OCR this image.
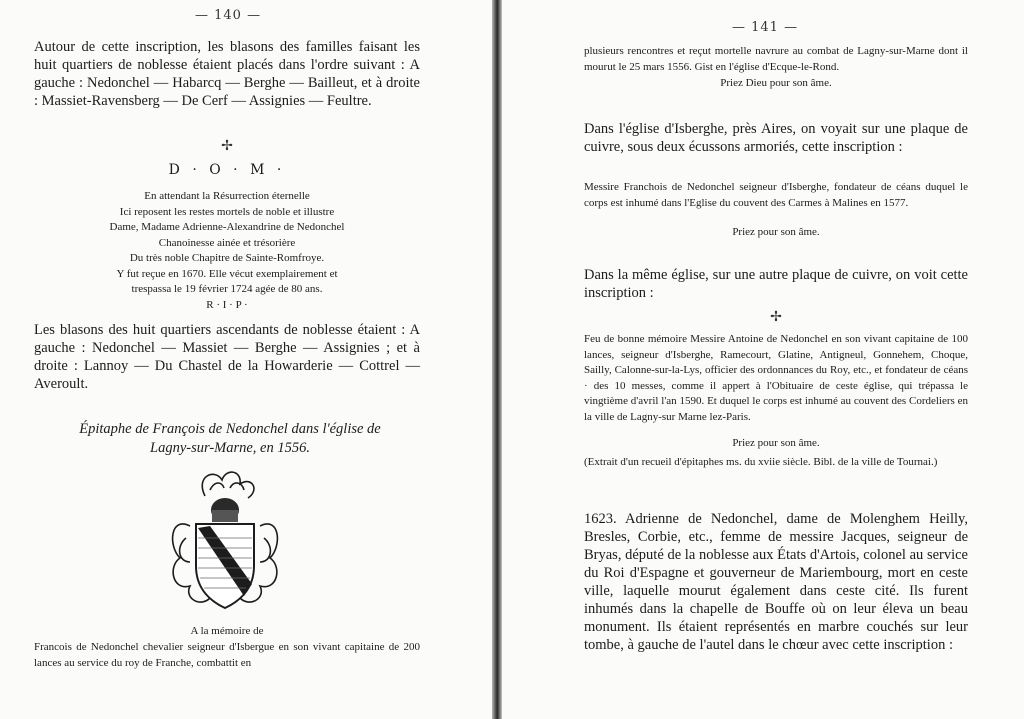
— 140 —

Autour de cette inscription, les blasons des familles faisant les huit quartiers de noblesse étaient placés dans l'ordre suivant : A gauche : Nedonchel — Habarcq — Berghe — Bailleut, et à droite : Massiet-Ravensberg — De Cerf — Assignies — Feultre.

✢
D · O · M ·
En attendant la Résurrection éternelle
Ici reposent les restes mortels de noble et illustre
Dame, Madame Adrienne-Alexandrine de Nedonchel
Chanoinesse ainée et trésorière
Du très noble Chapitre de Sainte-Romfroye.
Y fut reçue en 1670. Elle vécut exemplairement et
trespassa le 19 février 1724 agée de 80 ans.
R · I · P ·

Les blasons des huit quartiers ascendants de noblesse étaient : A gauche : Nedonchel — Massiet — Berghe — Assignies ; et à droite : Lannoy — Du Chastel de la Howarderie — Cottrel — Averoult.

Épitaphe de François de Nedonchel dans l'église de Lagny-sur-Marne, en 1556.

A la mémoire de

Francois de Nedonchel chevalier seigneur d'Isbergue en son vivant capitaine de 200 lances au service du roy de Franche, combattit en

— 141 —

plusieurs rencontres et reçut mortelle navrure au combat de Lagny-sur-Marne dont il mourut le 25 mars 1556. Gist en l'église d'Ecque-le-Rond.

Priez Dieu pour son âme.

Dans l'église d'Isberghe, près Aires, on voyait sur une plaque de cuivre, sous deux écussons armoriés, cette inscription :

Messire Franchois de Nedonchel seigneur d'Isberghe, fondateur de céans duquel le corps est inhumé dans l'Eglise du couvent des Carmes à Malines en 1577.

Priez pour son âme.

Dans la même église, sur une autre plaque de cuivre, on voit cette inscription :

✢

Feu de bonne mémoire Messire Antoine de Nedonchel en son vivant capitaine de 100 lances, seigneur d'Isberghe, Ramecourt, Glatine, Antigneul, Gonnehem, Choque, Sailly, Calonne-sur-la-Lys, officier des ordonnances du Roy, etc., et fondateur de céans · des 10 messes, comme il appert à l'Obituaire de ceste église, qui trépassa le vingtième d'avril l'an 1590. Et duquel le corps est inhumé au couvent des Cordeliers en la ville de Lagny-sur Marne lez-Paris.

Priez pour son âme.

(Extrait d'un recueil d'épitaphes ms. du xviie siècle. Bibl. de la ville de Tournai.)

1623. Adrienne de Nedonchel, dame de Molenghem Heilly, Bresles, Corbie, etc., femme de messire Jacques, seigneur de Bryas, député de la noblesse aux États d'Artois, colonel au service du Roi d'Espagne et gouverneur de Mariembourg, mort en ceste ville, laquelle mourut également dans ceste cité. Ils furent inhumés dans la chapelle de Bouffe où on leur éleva un beau monument. Ils étaient représentés en marbre couchés sur leur tombe, à gauche de l'autel dans le chœur avec cette inscription :
